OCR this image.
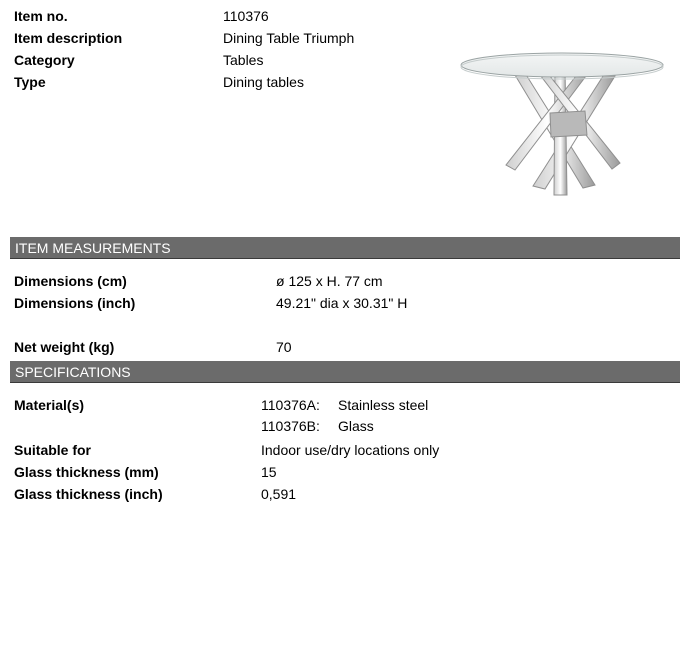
Item no.	110376
Item description	Dining Table Triumph
Category	Tables
Type	Dining tables
ITEM MEASUREMENTS
Dimensions (cm)	ø 125 x H. 77 cm
Dimensions (inch)	49.21" dia x 30.31" H
Net weight (kg)	70
SPECIFICATIONS
Material(s)	110376A: Stainless steel
110376B: Glass
Suitable for	Indoor use/dry locations only
Glass thickness (mm)	15
Glass thickness (inch)	0,591
